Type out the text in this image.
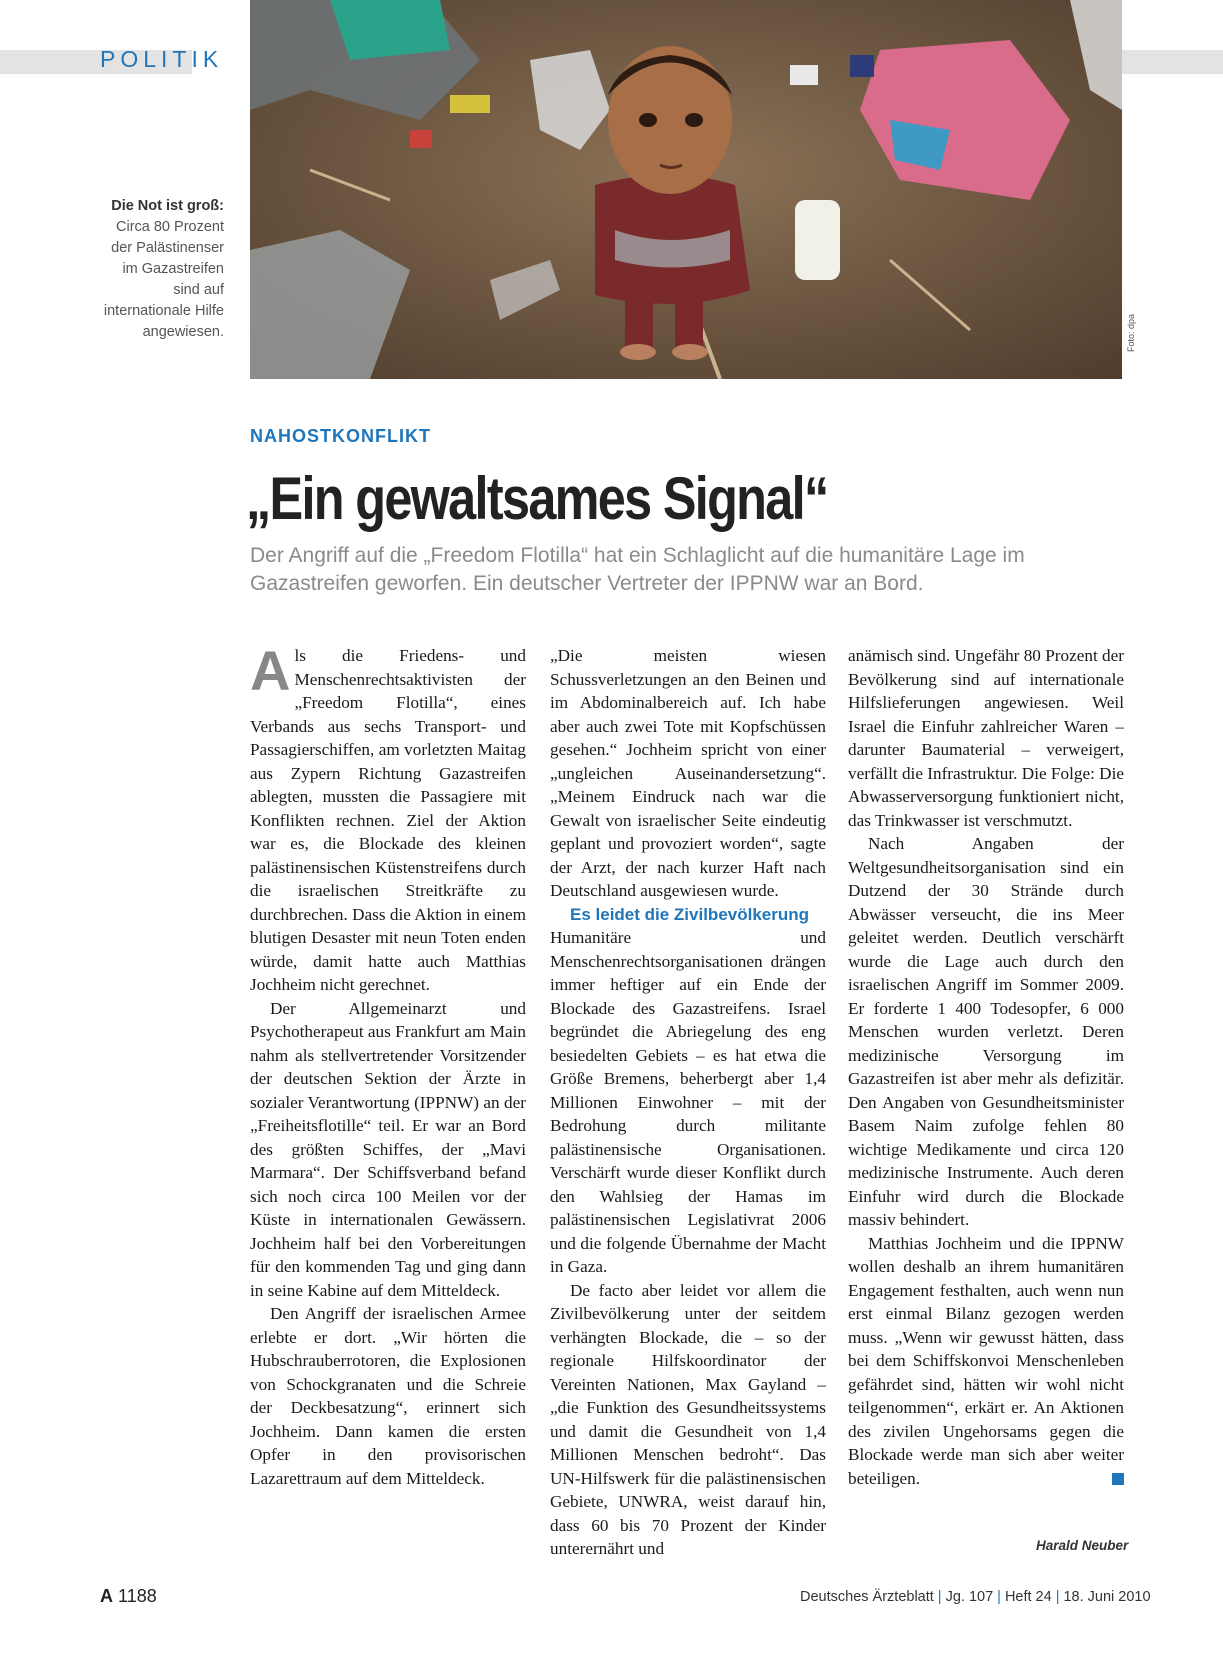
POLITIK
Foto: dpa
Die Not ist groß:
Circa 80 Prozent der Palästinenser im Gazastreifen sind auf internationale Hilfe angewiesen.
NAHOSTKONFLIKT
„Ein gewaltsames Signal“
Der Angriff auf die „Freedom Flotilla“ hat ein Schlaglicht auf die humanitäre Lage im Gazastreifen geworfen. Ein deutscher Vertreter der IPPNW war an Bord.

Als die Friedens- und Menschenrechtsaktivisten der „Freedom Flotilla“, eines Verbands aus sechs Transport- und Passagierschiffen, am vorletzten Maitag aus Zypern Richtung Gazastreifen ablegten, mussten die Passagiere mit Konflikten rechnen. Ziel der Aktion war es, die Blockade des kleinen palästinensischen Küstenstreifens durch die israelischen Streitkräfte zu durchbrechen. Dass die Aktion in einem blutigen Desaster mit neun Toten enden würde, damit hatte auch Matthias Jochheim nicht gerechnet.

Der Allgemeinarzt und Psychotherapeut aus Frankfurt am Main nahm als stellvertretender Vorsitzender der deutschen Sektion der Ärzte in sozialer Verantwortung (IPPNW) an der „Freiheitsflotille“ teil. Er war an Bord des größten Schiffes, der „Mavi Marmara“. Der Schiffsverband befand sich noch circa 100 Meilen vor der Küste in internationalen Gewässern. Jochheim half bei den Vorbereitungen für den kommenden Tag und ging dann in seine Kabine auf dem Mitteldeck.

Den Angriff der israelischen Armee erlebte er dort. „Wir hörten die Hubschrauberrotoren, die Explosionen von Schockgranaten und die Schreie der Deckbesatzung“, erinnert sich Jochheim. Dann kamen die ersten Opfer in den provisorischen Lazarettraum auf dem Mitteldeck.

„Die meisten wiesen Schussverletzungen an den Beinen und im Abdominalbereich auf. Ich habe aber auch zwei Tote mit Kopfschüssen gesehen.“ Jochheim spricht von einer „ungleichen Auseinandersetzung“. „Meinem Eindruck nach war die Gewalt von israelischer Seite eindeutig geplant und provoziert worden“, sagte der Arzt, der nach kurzer Haft nach Deutschland ausgewiesen wurde.

Es leidet die Zivilbevölkerung

Humanitäre und Menschenrechtsorganisationen drängen immer heftiger auf ein Ende der Blockade des Gazastreifens. Israel begründet die Abriegelung des eng besiedelten Gebiets – es hat etwa die Größe Bremens, beherbergt aber 1,4 Millionen Einwohner – mit der Bedrohung durch militante palästinensische Organisationen. Verschärft wurde dieser Konflikt durch den Wahlsieg der Hamas im palästinensischen Legislativrat 2006 und die folgende Übernahme der Macht in Gaza.

De facto aber leidet vor allem die Zivilbevölkerung unter der seitdem verhängten Blockade, die – so der regionale Hilfskoordinator der Vereinten Nationen, Max Gayland – „die Funktion des Gesundheitssystems und damit die Gesundheit von 1,4 Millionen Menschen bedroht“. Das UN-Hilfswerk für die palästinensischen Gebiete, UNWRA, weist darauf hin, dass 60 bis 70 Prozent der Kinder unterernährt und

anämisch sind. Ungefähr 80 Prozent der Bevölkerung sind auf internationale Hilfslieferungen angewiesen. Weil Israel die Einfuhr zahlreicher Waren – darunter Baumaterial – verweigert, verfällt die Infrastruktur. Die Folge: Die Abwasserversorgung funktioniert nicht, das Trinkwasser ist verschmutzt.

Nach Angaben der Weltgesundheitsorganisation sind ein Dutzend der 30 Strände durch Abwässer verseucht, die ins Meer geleitet werden. Deutlich verschärft wurde die Lage auch durch den israelischen Angriff im Sommer 2009. Er forderte 1 400 Todesopfer, 6 000 Menschen wurden verletzt. Deren medizinische Versorgung im Gazastreifen ist aber mehr als defizitär. Den Angaben von Gesundheitsminister Basem Naim zufolge fehlen 80 wichtige Medikamente und circa 120 medizinische Instrumente. Auch deren Einfuhr wird durch die Blockade massiv behindert.

Matthias Jochheim und die IPPNW wollen deshalb an ihrem humanitären Engagement festhalten, auch wenn nun erst einmal Bilanz gezogen werden muss. „Wenn wir gewusst hätten, dass bei dem Schiffskonvoi Menschenleben gefährdet sind, hätten wir wohl nicht teilgenommen“, erkärt er. An Aktionen des zivilen Ungehorsams gegen die Blockade werde man sich aber weiter beteiligen.

Harald Neuber
A 1188	Deutsches Ärzteblatt | Jg. 107 | Heft 24 | 18. Juni 2010
